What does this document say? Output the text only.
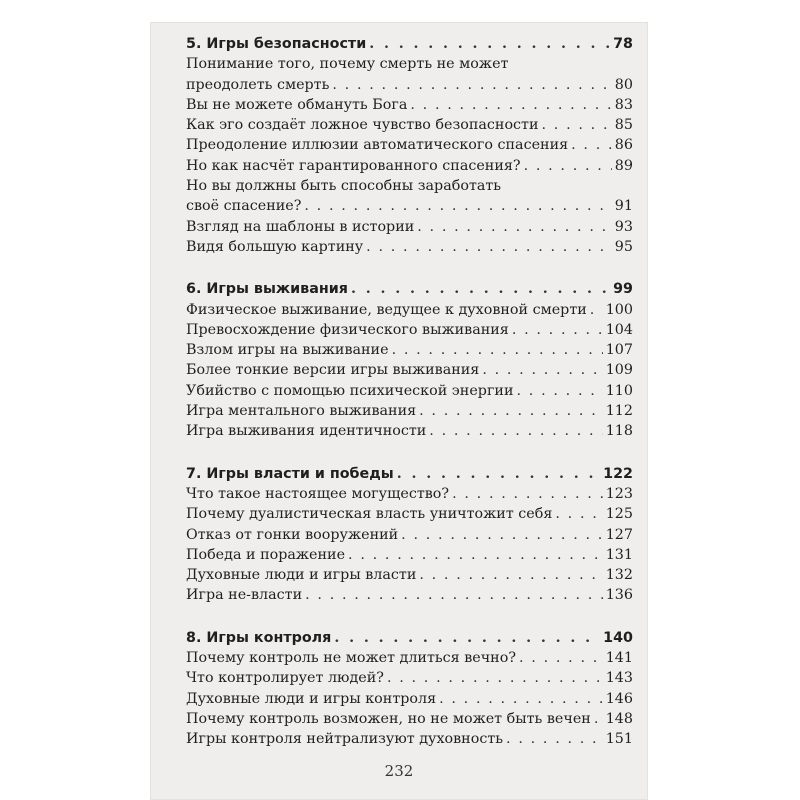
5. Игры безопасности . . .	78
Понимание того, почему смерть не может
преодолеть смерть . . .	80
Вы не можете обмануть Бога . . .	83
Как эго создаёт ложное чувство безопасности . . .	85
Преодоление иллюзии автоматического спасения . . .	86
Но как насчёт гарантированного спасения? . . .	89
Но вы должны быть способны заработать
своё спасение? . . .	91
Взгляд на шаблоны в истории . . .	93
Видя большую картину . . .	95
6. Игры выживания . . .	99
Физическое выживание, ведущее к духовной смерти . . . 100
Превосхождение физического выживания . . .	104
Взлом игры на выживание . . .	107
Более тонкие версии игры выживания . . .	109
Убийство с помощью психической энергии . . .	110
Игра ментального выживания . . .	112
Игра выживания идентичности . . .	118
7. Игры власти и победы . . .	122
Что такое настоящее могущество? . . .	123
Почему дуалистическая власть уничтожит себя . . .	125
Отказ от гонки вооружений . . .	127
Победа и поражение . . .	131
Духовные люди и игры власти . . .	132
Игра не-власти . . .	136
8. Игры контроля . . .	140
Почему контроль не может длиться вечно? . . .	141
Что контролирует людей? . . .	143
Духовные люди и игры контроля . . .	146
Почему контроль возможен, но не может быть вечен . . . 148
Игры контроля нейтрализуют духовность . . .	151
232
